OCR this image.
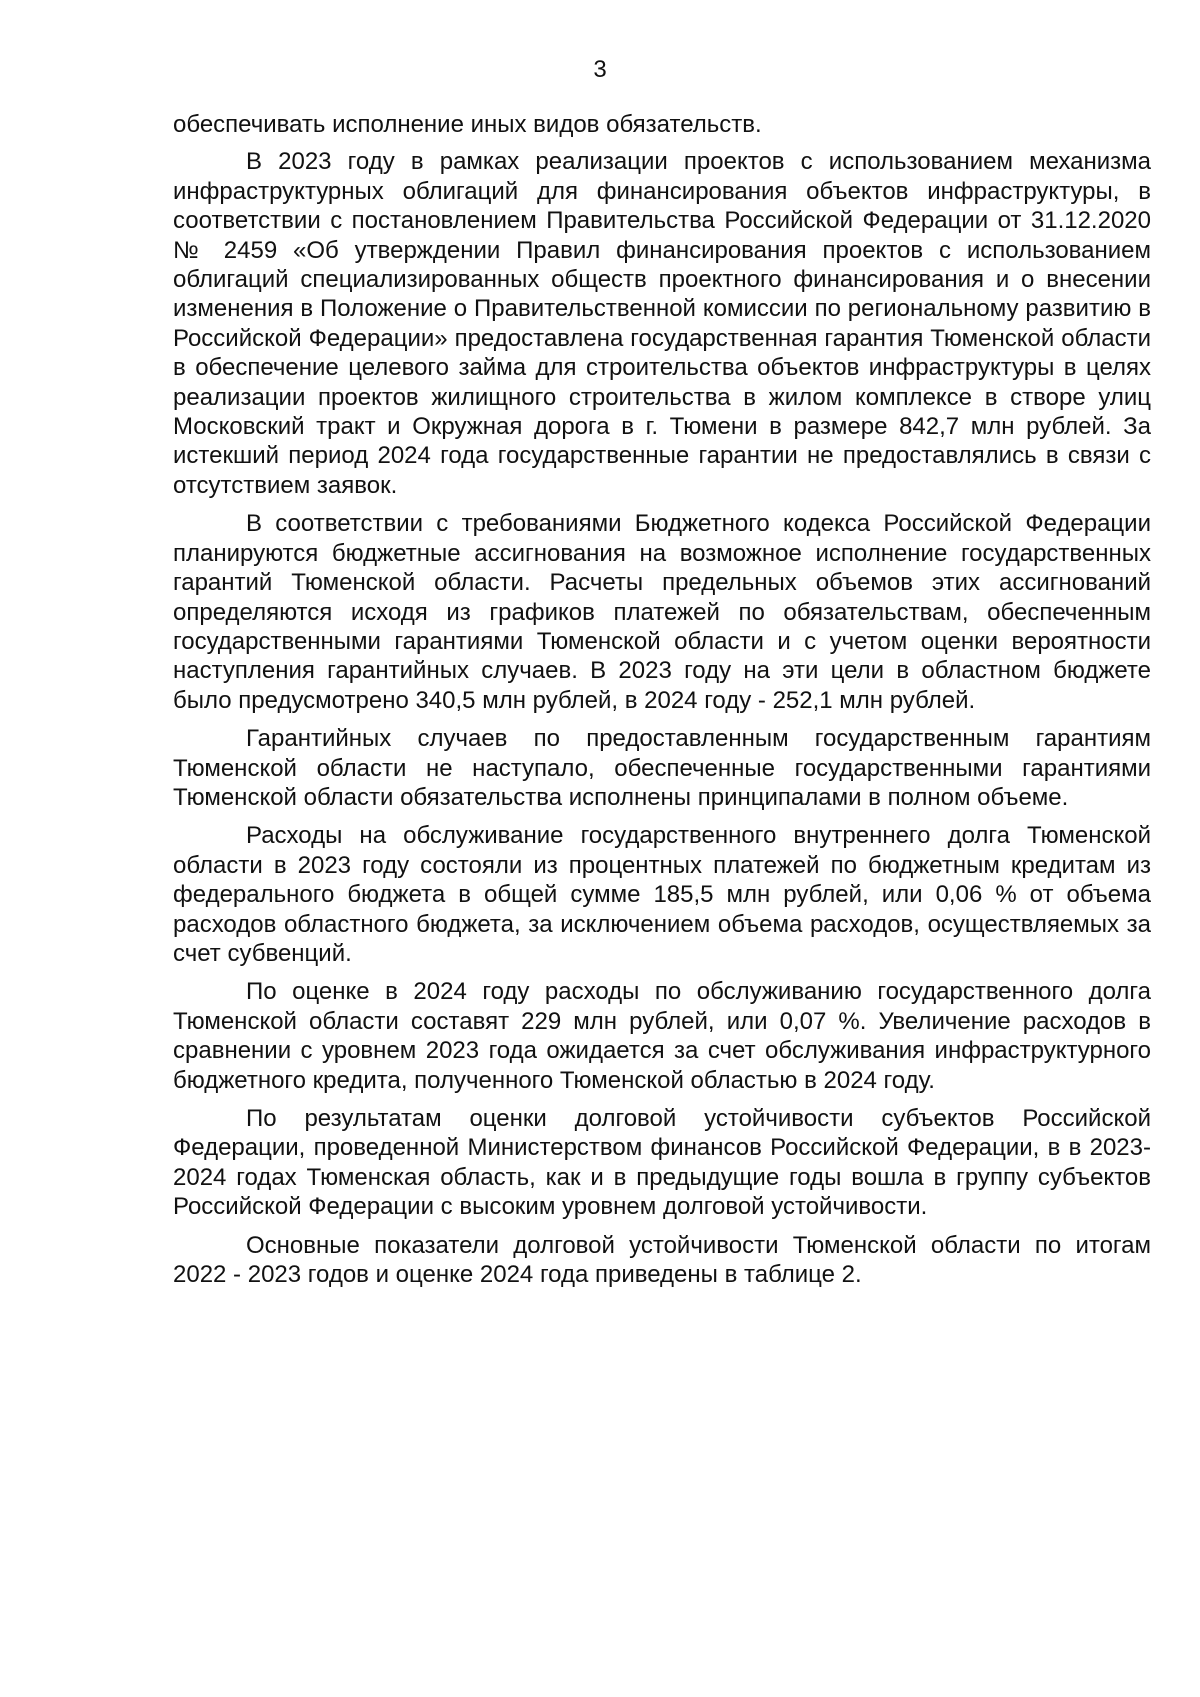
3

обеспечивать исполнение иных видов обязательств.

В 2023 году в рамках реализации проектов с использованием механизма инфраструктурных облигаций для финансирования объектов инфраструктуры, в соответствии с постановлением Правительства Российской Федерации от 31.12.2020 № 2459 «Об утверждении Правил финансирования проектов с использованием облигаций специализированных обществ проектного финансирования и о внесении изменения в Положение о Правительственной комиссии по региональному развитию в Российской Федерации» предоставлена государственная гарантия Тюменской области в обеспечение целевого займа для строительства объектов инфраструктуры в целях реализации проектов жилищного строительства в жилом комплексе в створе улиц Московский тракт и Окружная дорога в г. Тюмени в размере 842,7 млн рублей. За истекший период 2024 года государственные гарантии не предоставлялись в связи с отсутствием заявок.

В соответствии с требованиями Бюджетного кодекса Российской Федерации планируются бюджетные ассигнования на возможное исполнение государственных гарантий Тюменской области. Расчеты предельных объемов этих ассигнований определяются исходя из графиков платежей по обязательствам, обеспеченным государственными гарантиями Тюменской области и с учетом оценки вероятности наступления гарантийных случаев. В 2023 году на эти цели в областном бюджете было предусмотрено 340,5 млн рублей, в 2024 году - 252,1 млн рублей.

Гарантийных случаев по предоставленным государственным гарантиям Тюменской области не наступало, обеспеченные государственными гарантиями Тюменской области обязательства исполнены принципалами в полном объеме.

Расходы на обслуживание государственного внутреннего долга Тюменской области в 2023 году состояли из процентных платежей по бюджетным кредитам из федерального бюджета в общей сумме 185,5 млн рублей, или 0,06 % от объема расходов областного бюджета, за исключением объема расходов, осуществляемых за счет субвенций.

По оценке в 2024 году расходы по обслуживанию государственного долга Тюменской области составят 229 млн рублей, или 0,07 %. Увеличение расходов в сравнении с уровнем 2023 года ожидается за счет обслуживания инфраструктурного бюджетного кредита, полученного Тюменской областью в 2024 году.

По результатам оценки долговой устойчивости субъектов Российской Федерации, проведенной Министерством финансов Российской Федерации, в в 2023-2024 годах Тюменская область, как и в предыдущие годы вошла в группу субъектов Российской Федерации с высоким уровнем долговой устойчивости.

Основные показатели долговой устойчивости Тюменской области по итогам 2022 - 2023 годов и оценке 2024 года приведены в таблице 2.
